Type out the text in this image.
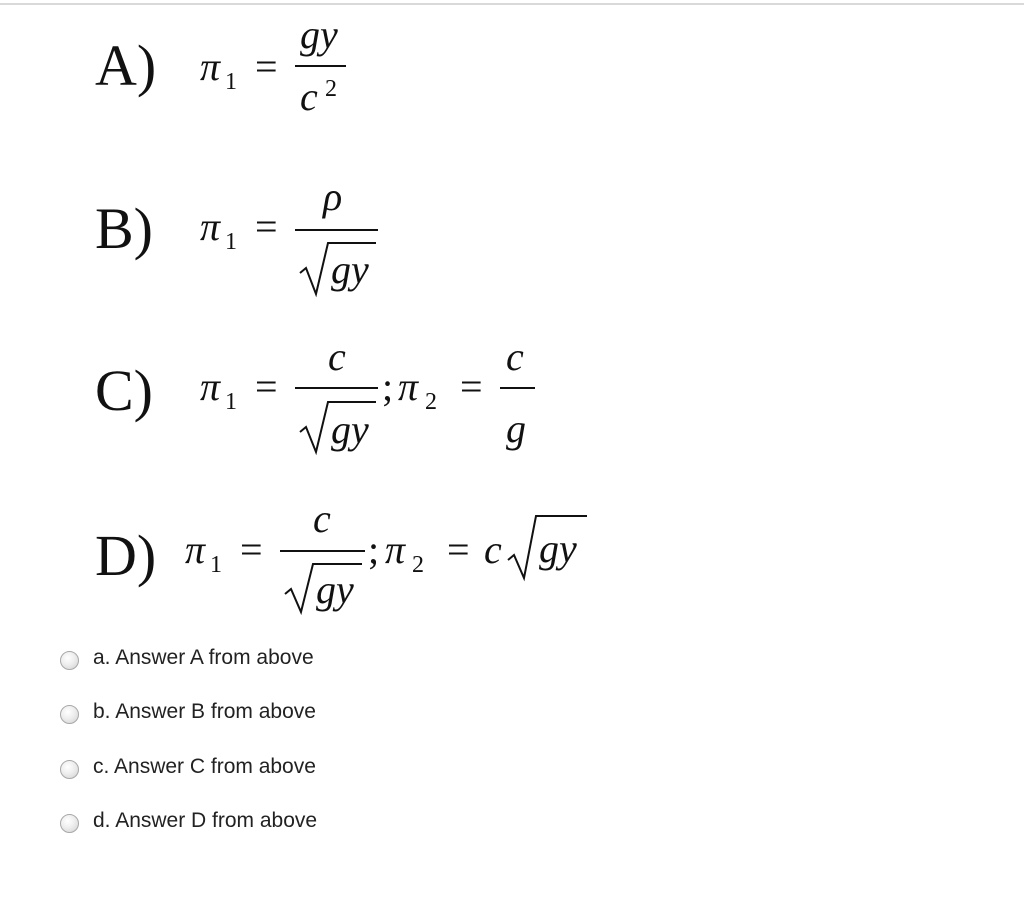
A) π 1 =
gy
c 2
B) π 1 =
ρ
gy
C) π 1 =
c
gy
; π 2 =
c
g
D) π 1 =
c
gy
; π 2 = c gy
a. Answer A from above
b. Answer B from above
c. Answer C from above
d. Answer D from above
